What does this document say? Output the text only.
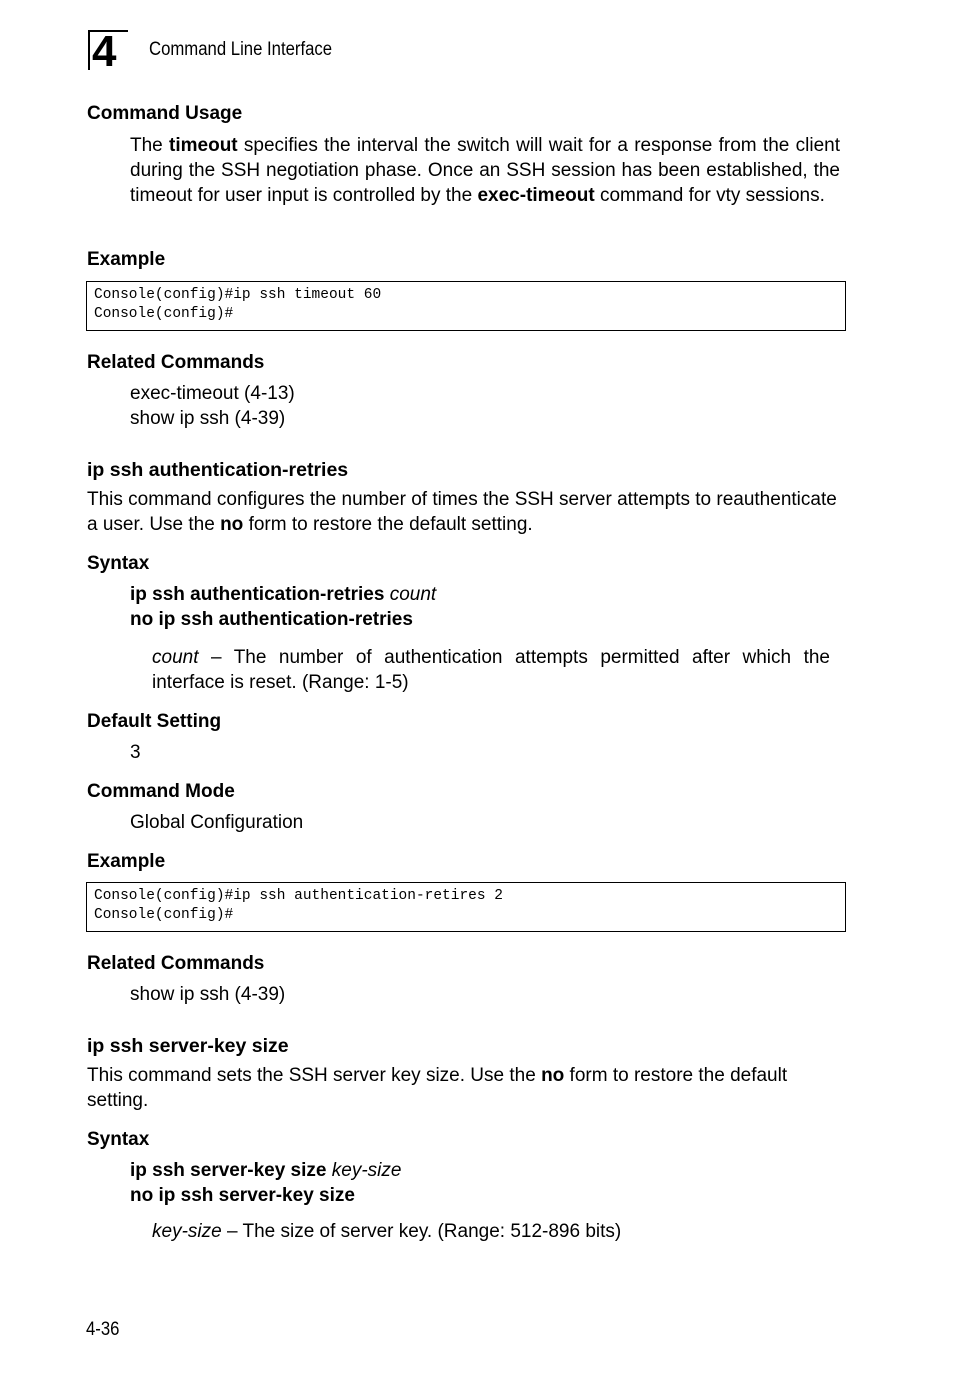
4 Command Line Interface
Command Usage
The timeout specifies the interval the switch will wait for a response from the client during the SSH negotiation phase. Once an SSH session has been established, the timeout for user input is controlled by the exec-timeout command for vty sessions.
Example
Console(config)#ip ssh timeout 60
Console(config)#
Related Commands
exec-timeout (4-13)
show ip ssh (4-39)
ip ssh authentication-retries
This command configures the number of times the SSH server attempts to reauthenticate a user. Use the no form to restore the default setting.
Syntax
ip ssh authentication-retries count
no ip ssh authentication-retries
count – The number of authentication attempts permitted after which the interface is reset. (Range: 1-5)
Default Setting
3
Command Mode
Global Configuration
Example
Console(config)#ip ssh authentication-retires 2
Console(config)#
Related Commands
show ip ssh (4-39)
ip ssh server-key size
This command sets the SSH server key size. Use the no form to restore the default setting.
Syntax
ip ssh server-key size key-size
no ip ssh server-key size
key-size – The size of server key. (Range: 512-896 bits)
4-36
